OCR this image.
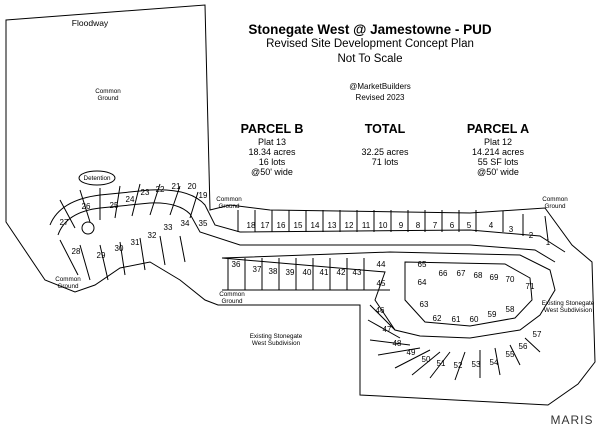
Stonegate West @ Jamestowne - PUD
Revised Site Development Concept Plan
Not To Scale
@MarketBuilders
Revised 2023
PARCEL B
Plat 13
18.34 acres
16 lots
@50' wide
TOTAL
32.25 acres
71 lots
PARCEL A
Plat 12
14.214 acres
55 SF lots
@50' wide
Floodway
Common Ground
Detention
Common Ground
Common Ground
Common Ground
Common Ground
Existing Stonegate West Subdivision
Existing Stonegate West Subdivision
1
2
3
4
5
6
7
8
9
10
11
12
13
14
15
16
17
18
19
20
21
22
23
24
25
26
27
28 29
30
31
32
33 34 35
36
37 38 39 40 41 42 43
44
45
46
47
48
49
50 51 52 53 54
55
56
57
58
59
60
61
62
63
64
65
66 67 68 69 70
71
MARIS
